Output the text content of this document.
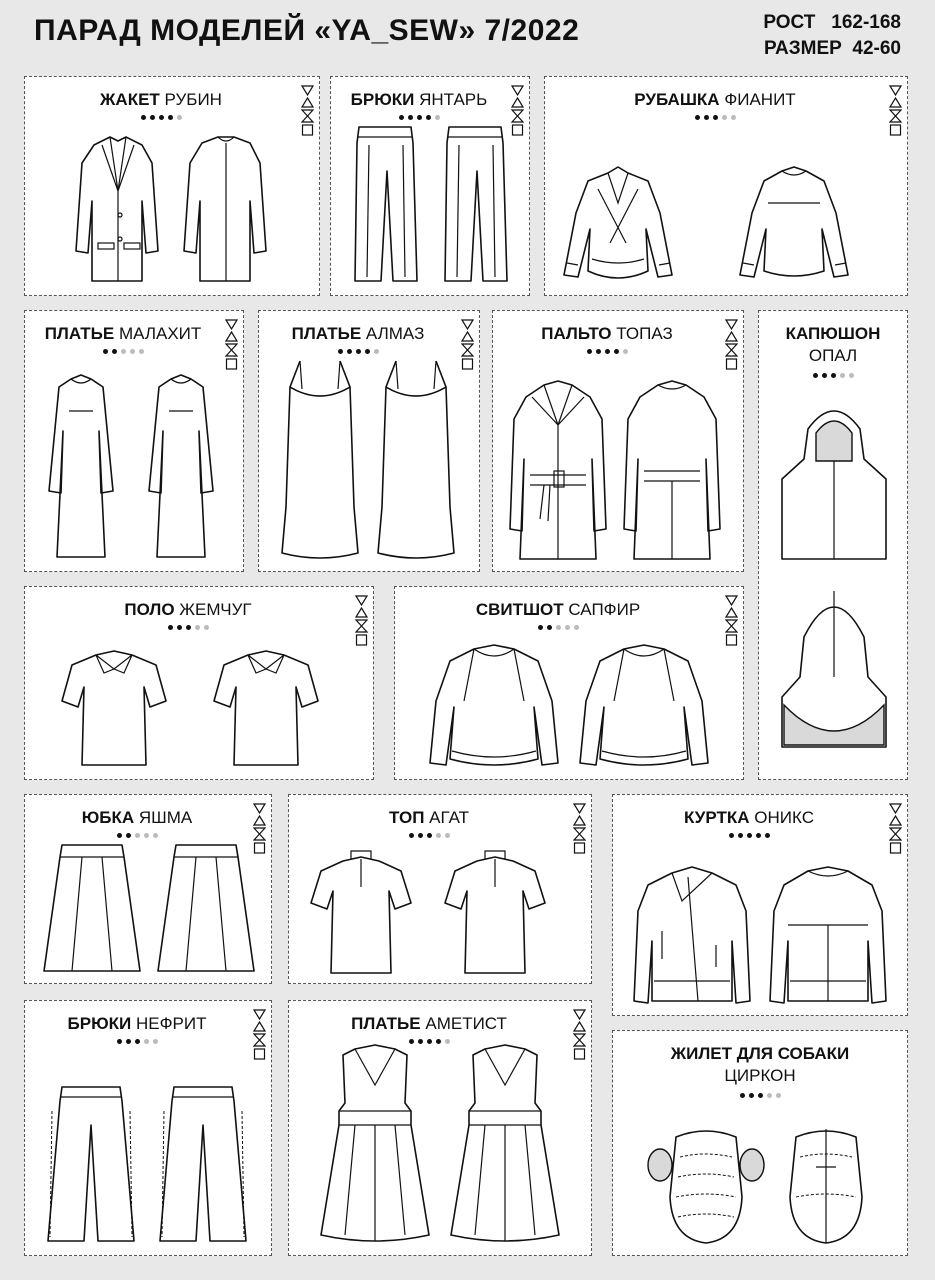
ПАРАД МОДЕЛЕЙ «YA_SEW» 7/2022	РОСТ 162-168
РАЗМЕР 42-60
ЖАКЕТ РУБИН	БРЮКИ ЯНТАРЬ	РУБАШКА ФИАНИТ
ПЛАТЬЕ МАЛАХИТ	ПЛАТЬЕ АЛМАЗ	ПАЛЬТО ТОПАЗ	КАПЮШОН
ОПАЛ
ПОЛО ЖЕМЧУГ	СВИТШОТ САПФИР
ЮБКА ЯШМА	ТОП АГАТ	КУРТКА ОНИКС
БРЮКИ НЕФРИТ	ПЛАТЬЕ АМЕТИСТ
ЖИЛЕТ ДЛЯ СОБАКИ
ЦИРКОН
